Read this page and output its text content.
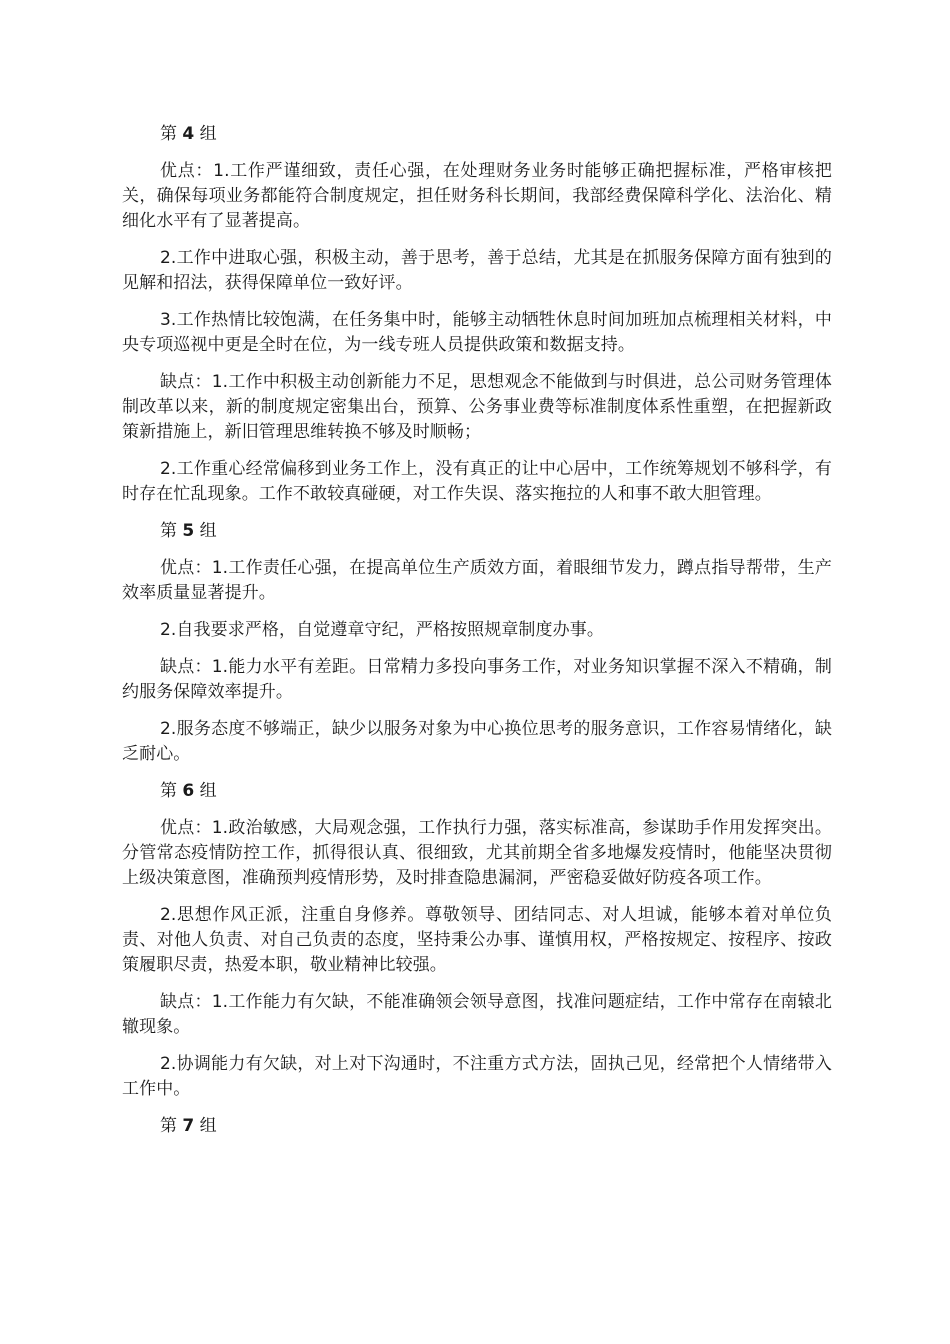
第 4 组

优点：1.工作严谨细致，责任心强，在处理财务业务时能够正确把握标准，严格审核把关，确保每项业务都能符合制度规定，担任财务科长期间，我部经费保障科学化、法治化、精细化水平有了显著提高。

2.工作中进取心强，积极主动，善于思考，善于总结，尤其是在抓服务保障方面有独到的见解和招法，获得保障单位一致好评。

3.工作热情比较饱满，在任务集中时，能够主动牺牲休息时间加班加点梳理相关材料，中央专项巡视中更是全时在位，为一线专班人员提供政策和数据支持。

缺点：1.工作中积极主动创新能力不足，思想观念不能做到与时俱进，总公司财务管理体制改革以来，新的制度规定密集出台，预算、公务事业费等标准制度体系性重塑，在把握新政策新措施上，新旧管理思维转换不够及时顺畅；

2.工作重心经常偏移到业务工作上，没有真正的让中心居中，工作统筹规划不够科学，有时存在忙乱现象。工作不敢较真碰硬，对工作失误、落实拖拉的人和事不敢大胆管理。

第 5 组

优点：1.工作责任心强，在提高单位生产质效方面，着眼细节发力，蹲点指导帮带，生产效率质量显著提升。

2.自我要求严格，自觉遵章守纪，严格按照规章制度办事。

缺点：1.能力水平有差距。日常精力多投向事务工作，对业务知识掌握不深入不精确，制约服务保障效率提升。

2.服务态度不够端正，缺少以服务对象为中心换位思考的服务意识，工作容易情绪化，缺乏耐心。

第 6 组

优点：1.政治敏感，大局观念强，工作执行力强，落实标准高，参谋助手作用发挥突出。分管常态疫情防控工作，抓得很认真、很细致，尤其前期全省多地爆发疫情时，他能坚决贯彻上级决策意图，准确预判疫情形势，及时排查隐患漏洞，严密稳妥做好防疫各项工作。

2.思想作风正派，注重自身修养。尊敬领导、团结同志、对人坦诚，能够本着对单位负责、对他人负责、对自己负责的态度，坚持秉公办事、谨慎用权，严格按规定、按程序、按政策履职尽责，热爱本职，敬业精神比较强。

缺点：1.工作能力有欠缺，不能准确领会领导意图，找准问题症结，工作中常存在南辕北辙现象。

2.协调能力有欠缺，对上对下沟通时，不注重方式方法，固执己见，经常把个人情绪带入工作中。

第 7 组
